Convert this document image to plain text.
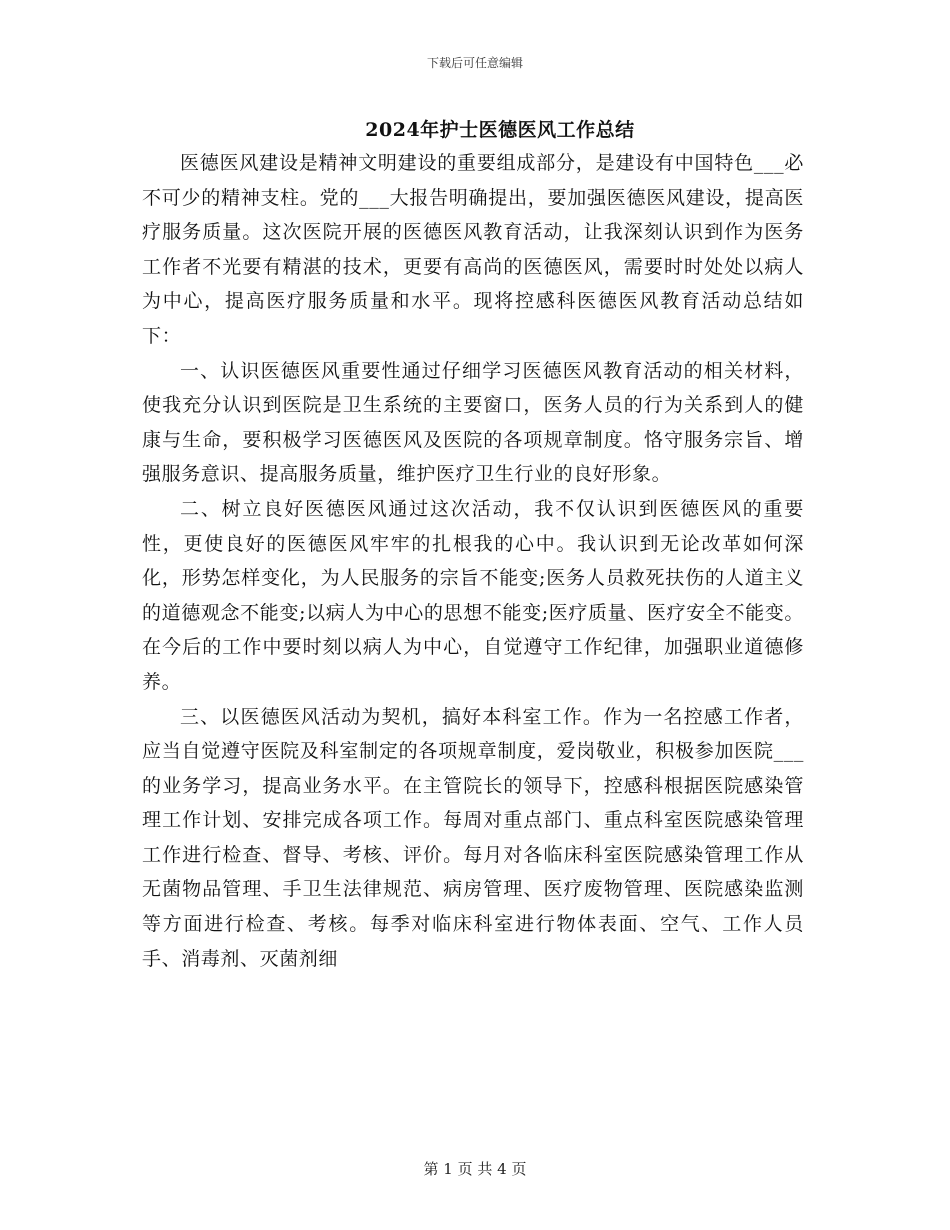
下载后可任意编辑
2024年护士医德医风工作总结

医德医风建设是精神文明建设的重要组成部分，是建设有中国特色___必不可少的精神支柱。党的___大报告明确提出，要加强医德医风建设，提高医疗服务质量。这次医院开展的医德医风教育活动，让我深刻认识到作为医务工作者不光要有精湛的技术，更要有高尚的医德医风，需要时时处处以病人为中心，提高医疗服务质量和水平。现将控感科医德医风教育活动总结如下：

一、认识医德医风重要性通过仔细学习医德医风教育活动的相关材料，使我充分认识到医院是卫生系统的主要窗口，医务人员的行为关系到人的健康与生命，要积极学习医德医风及医院的各项规章制度。恪守服务宗旨、增强服务意识、提高服务质量，维护医疗卫生行业的良好形象。

二、树立良好医德医风通过这次活动，我不仅认识到医德医风的重要性，更使良好的医德医风牢牢的扎根我的心中。我认识到无论改革如何深化，形势怎样变化，为人民服务的宗旨不能变;医务人员救死扶伤的人道主义的道德观念不能变;以病人为中心的思想不能变;医疗质量、医疗安全不能变。在今后的工作中要时刻以病人为中心，自觉遵守工作纪律，加强职业道德修养。

三、以医德医风活动为契机，搞好本科室工作。作为一名控感工作者，应当自觉遵守医院及科室制定的各项规章制度，爱岗敬业，积极参加医院___的业务学习，提高业务水平。在主管院长的领导下，控感科根据医院感染管理工作计划、安排完成各项工作。每周对重点部门、重点科室医院感染管理工作进行检查、督导、考核、评价。每月对各临床科室医院感染管理工作从无菌物品管理、手卫生法律规范、病房管理、医疗废物管理、医院感染监测等方面进行检查、考核。每季对临床科室进行物体表面、空气、工作人员手、消毒剂、灭菌剂细

第 1 页 共 4 页
